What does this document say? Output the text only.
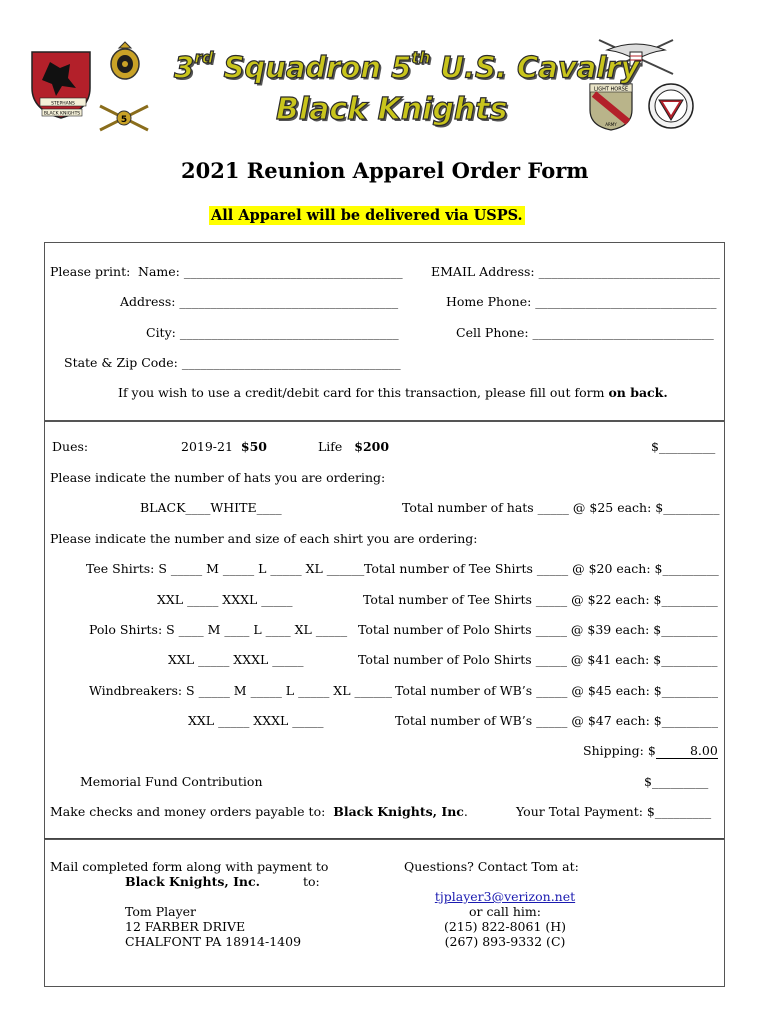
STEPHANS
BLACK KNIGHTS
5
LIGHT HORSE
ARMY
3rd Squadron 5th U.S. Cavalry
Black Knights
2021 Reunion Apparel Order Form
All Apparel will be delivered via USPS.
Please print: Name: ___________________________________ EMAIL Address: _____________________________
Address: ___________________________________	Home Phone: _____________________________
City: ___________________________________	Cell Phone: _____________________________
State & Zip Code: ___________________________________
If you wish to use a credit/debit card for this transaction, please fill out form on back.
Dues:	2019-21 $50	Life $200	$_________
Please indicate the number of hats you are ordering:
BLACK____WHITE____	Total number of hats _____ @ $25 each: $_________
Please indicate the number and size of each shirt you are ordering:
Tee Shirts: S _____ M _____ L _____ XL ______ Total number of Tee Shirts _____ @ $20 each: $_________
XXL _____ XXXL _____	Total number of Tee Shirts _____ @ $22 each: $_________
Polo Shirts: S ____ M ____ L ____ XL _____ Total number of Polo Shirts _____ @ $39 each: $_________
XXL _____ XXXL _____	Total number of Polo Shirts _____ @ $41 each: $_________
Windbreakers: S _____ M _____ L _____ XL ______ Total number of WB’s _____ @ $45 each: $_________
XXL _____ XXXL _____	Total number of WB’s _____ @ $47 each: $_________
Shipping: $	8.00
Memorial Fund Contribution	$_________
Make checks and money orders payable to: Black Knights, Inc.	Your Total Payment: $_________
Mail completed form along with payment to
Black Knights, Inc.	to:
Tom Player
12 FARBER DRIVE
CHALFONT PA 18914-1409
Questions? Contact Tom at:
tjplayer3@verizon.net
or call him:
(215) 822-8061 (H)
(267) 893-9332 (C)
